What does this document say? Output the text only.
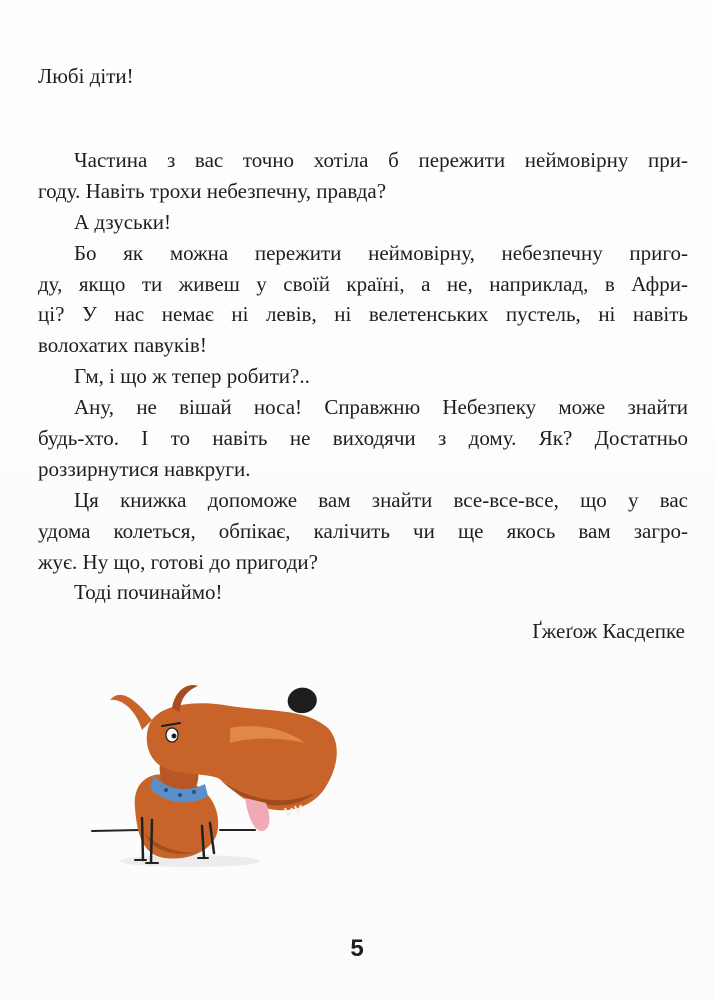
Любі діти!
Частина з вас точно хотіла б пережити неймовірну при-
году. Навіть трохи небезпечну, правда?
А дзуськи!
Бо як можна пережити неймовірну, небезпечну приго-
ду, якщо ти живеш у своїй країні, а не, наприклад, в Афри-
ці? У нас немає ні левів, ні велетенських пустель, ні навіть
волохатих павуків!
Гм, і що ж тепер робити?..
Ану, не вішай носа! Справжню Небезпеку може знайти
будь-хто. І то навіть не виходячи з дому. Як? Достатньо
роззирнутися навкруги.
Ця книжка допоможе вам знайти все-все-все, що у вас
удома колеться, обпікає, калічить чи ще якось вам загро-
жує. Ну що, готові до пригоди?
Тоді починаймо!
Ґжеґож Касдепке
5
